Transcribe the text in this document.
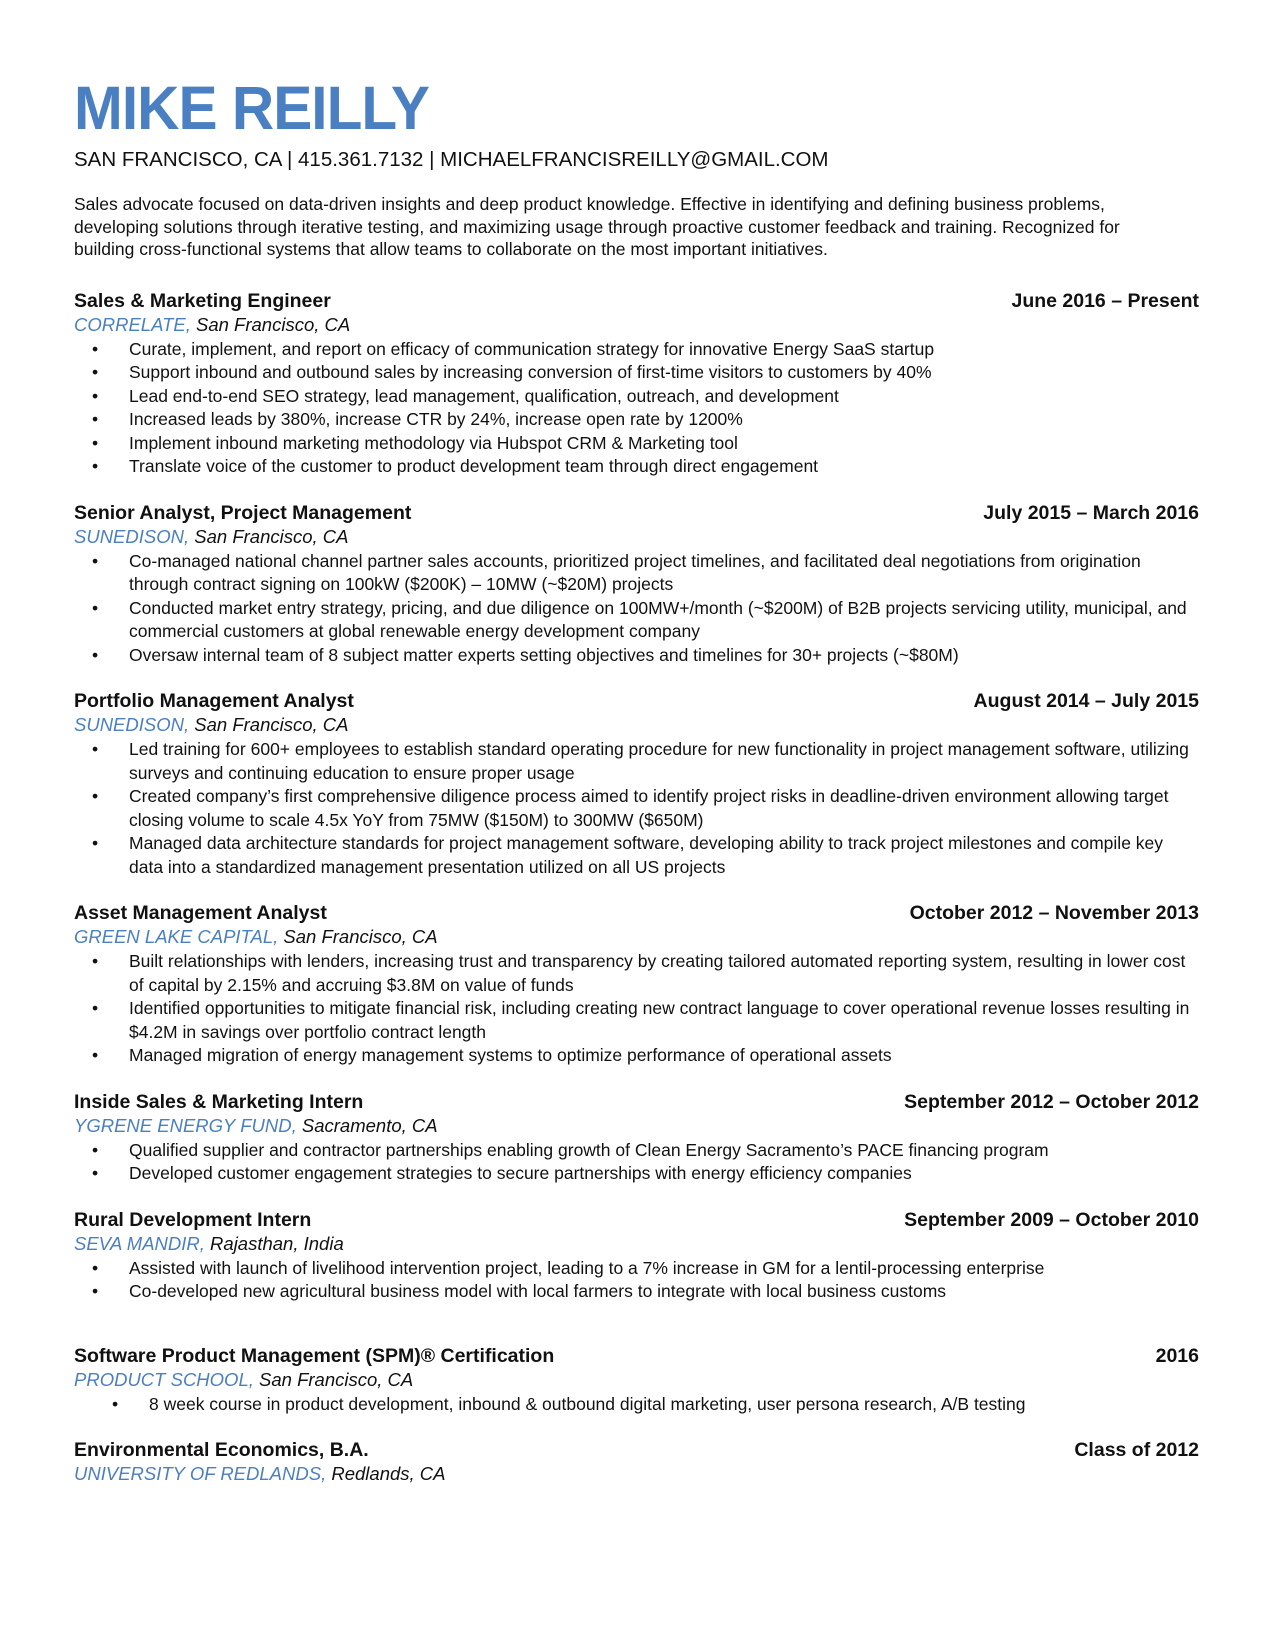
MIKE REILLY
SAN FRANCISCO, CA | 415.361.7132 | MICHAELFRANCISREILLY@GMAIL.COM
Sales advocate focused on data-driven insights and deep product knowledge. Effective in identifying and defining business problems, developing solutions through iterative testing, and maximizing usage through proactive customer feedback and training. Recognized for building cross-functional systems that allow teams to collaborate on the most important initiatives.
Sales & Marketing Engineer	June 2016 – Present
CORRELATE, San Francisco, CA
• Curate, implement, and report on efficacy of communication strategy for innovative Energy SaaS startup
• Support inbound and outbound sales by increasing conversion of first-time visitors to customers by 40%
• Lead end-to-end SEO strategy, lead management, qualification, outreach, and development
• Increased leads by 380%, increase CTR by 24%, increase open rate by 1200%
• Implement inbound marketing methodology via Hubspot CRM & Marketing tool
• Translate voice of the customer to product development team through direct engagement
Senior Analyst, Project Management	July 2015 – March 2016
SUNEDISON, San Francisco, CA
• Co-managed national channel partner sales accounts, prioritized project timelines, and facilitated deal negotiations from origination through contract signing on 100kW ($200K) – 10MW (~$20M) projects
• Conducted market entry strategy, pricing, and due diligence on 100MW+/month (~$200M) of B2B projects servicing utility, municipal, and commercial customers at global renewable energy development company
• Oversaw internal team of 8 subject matter experts setting objectives and timelines for 30+ projects (~$80M)
Portfolio Management Analyst	August 2014 – July 2015
SUNEDISON, San Francisco, CA
• Led training for 600+ employees to establish standard operating procedure for new functionality in project management software, utilizing surveys and continuing education to ensure proper usage
• Created company’s first comprehensive diligence process aimed to identify project risks in deadline-driven environment allowing target closing volume to scale 4.5x YoY from 75MW ($150M) to 300MW ($650M)
• Managed data architecture standards for project management software, developing ability to track project milestones and compile key data into a standardized management presentation utilized on all US projects
Asset Management Analyst	October 2012 – November 2013
GREEN LAKE CAPITAL, San Francisco, CA
• Built relationships with lenders, increasing trust and transparency by creating tailored automated reporting system, resulting in lower cost of capital by 2.15% and accruing $3.8M on value of funds
• Identified opportunities to mitigate financial risk, including creating new contract language to cover operational revenue losses resulting in $4.2M in savings over portfolio contract length
• Managed migration of energy management systems to optimize performance of operational assets
Inside Sales & Marketing Intern	September 2012 – October 2012
YGRENE ENERGY FUND, Sacramento, CA
• Qualified supplier and contractor partnerships enabling growth of Clean Energy Sacramento’s PACE financing program
• Developed customer engagement strategies to secure partnerships with energy efficiency companies
Rural Development Intern	September 2009 – October 2010
SEVA MANDIR, Rajasthan, India
• Assisted with launch of livelihood intervention project, leading to a 7% increase in GM for a lentil-processing enterprise
• Co-developed new agricultural business model with local farmers to integrate with local business customs
Software Product Management (SPM)® Certification	2016
PRODUCT SCHOOL, San Francisco, CA
• 8 week course in product development, inbound & outbound digital marketing, user persona research, A/B testing
Environmental Economics, B.A.	Class of 2012
UNIVERSITY OF REDLANDS, Redlands, CA
